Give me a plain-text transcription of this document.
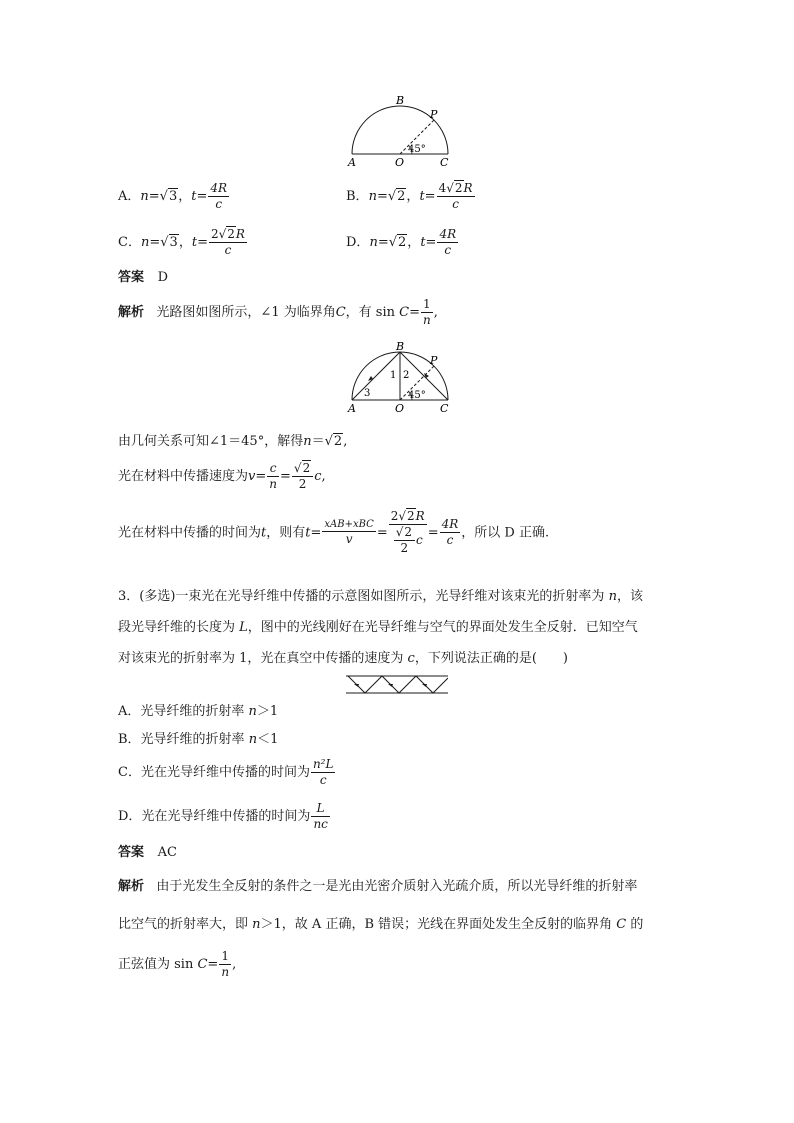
B
P
A	O	C
45°
A．n=√3，$t= \frac{4R}{c}$	B．n=√2，$t= \frac{4√2R}{c}$
C．n=√3，$t= \frac{2√2R}{c}$	D．n=√2，$t= \frac{4R}{c}$
答案 D
解析 光路图如图所示，∠1 为临界角C，有 $\sin C= \frac{1}{n}$ ,
B
P
A	O	C
45°
1 2
3
由几何关系可知∠1＝45°，解得n＝√2,
光在材料中传播速度为$v= \frac{c}{n} = \frac{√2}{2} c$,
光在材料中传播的时间为t，则有$t= \frac{\text{xAB+xBC}}{v} = \frac{2√2R}{\frac{√2}{2} c} = \frac{4R}{c}$ ，所以 D 正确.
3．(多选)一束光在光导纤维中传播的示意图如图所示，光导纤维对该束光的折射率为 n，该
段光导纤维的长度为 L，图中的光线刚好在光导纤维与空气的界面处发生全反射．已知空气
对该束光的折射率为 1，光在真空中传播的速度为 c，下列说法正确的是(　　)
A．光导纤维的折射率 n＞1
B．光导纤维的折射率 n＜1
C．光在光导纤维中传播的时间为 $\frac{\text{n²L}}{c}$
D．光在光导纤维中传播的时间为 $\frac{L}{nc}$
答案 AC
解析 由于光发生全反射的条件之一是光由光密介质射入光疏介质，所以光导纤维的折射率
比空气的折射率大，即 n＞1，故 A 正确，B 错误；光线在界面处发生全反射的临界角 C 的
正弦值为 $\sin C= \frac{1}{n}$ ,
